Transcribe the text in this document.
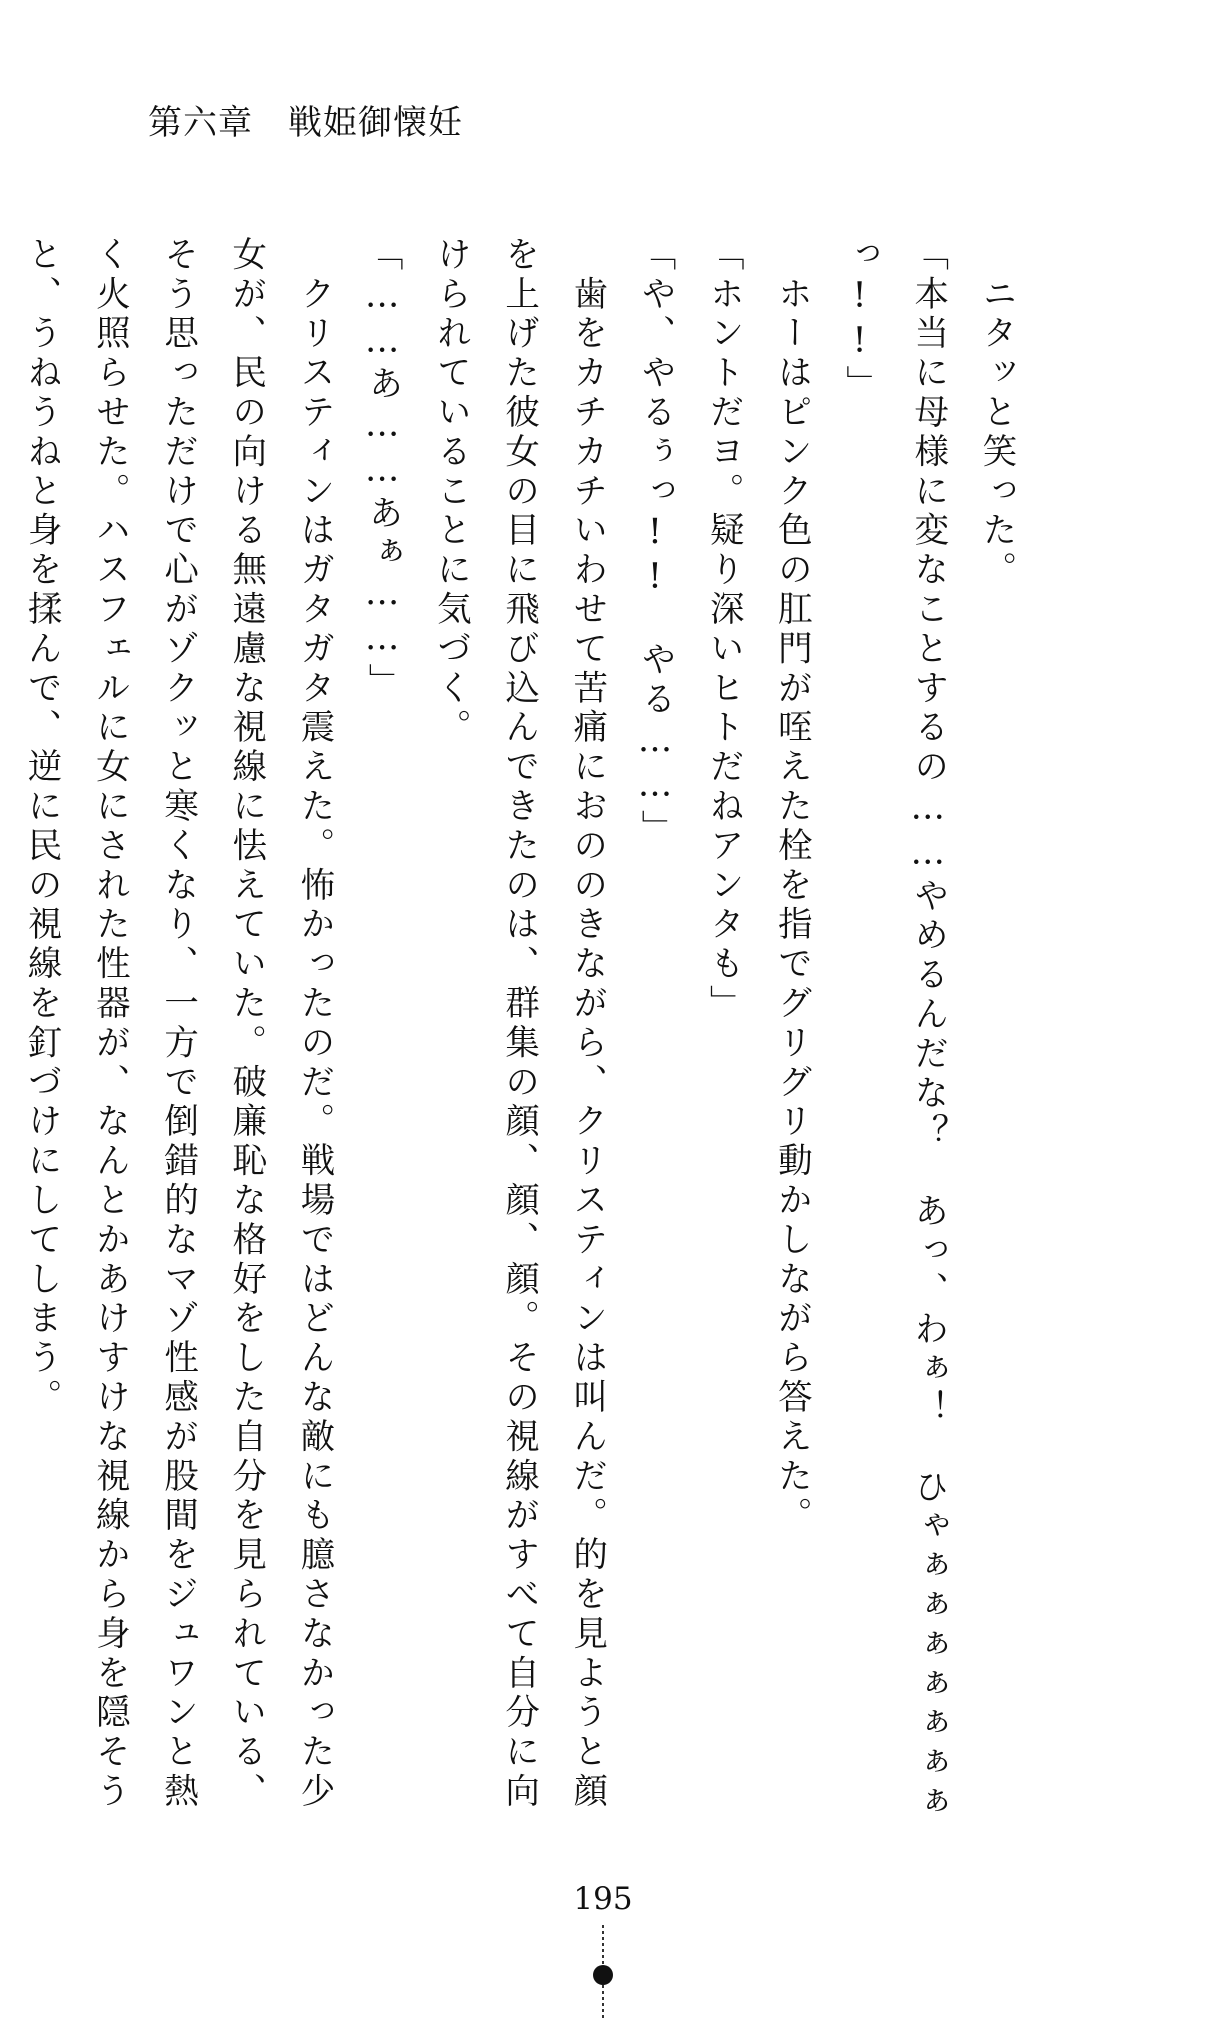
第六章　戦姫御懐妊
　ニタッと笑った。
「本当に母様に変なことするの……やめるんだな？　あっ、わぁ！　ひゃぁぁぁぁぁぁぁ
っ!!」
　ホーはピンク色の肛門が咥えた栓を指でグリグリ動かしながら答えた。
「ホントだヨ。疑り深いヒトだねアンタも」
「や、やるぅっ!!　やる……」
　歯をカチカチいわせて苦痛におののきながら、クリスティンは叫んだ。的を見ようと顔
を上げた彼女の目に飛び込んできたのは、群集の顔、顔、顔。その視線がすべて自分に向
けられていることに気づく。
「……あ……あぁ……」
　クリスティンはガタガタ震えた。怖かったのだ。戦場ではどんな敵にも臆さなかった少
女が、民の向ける無遠慮な視線に怯えていた。破廉恥な格好をした自分を見られている、
そう思っただけで心がゾクッと寒くなり、一方で倒錯的なマゾ性感が股間をジュワンと熱
く火照らせた。ハスフェルに女にされた性器が、なんとかあけすけな視線から身を隠そう
と、うねうねと身を揉んで、逆に民の視線を釘づけにしてしまう。
195
